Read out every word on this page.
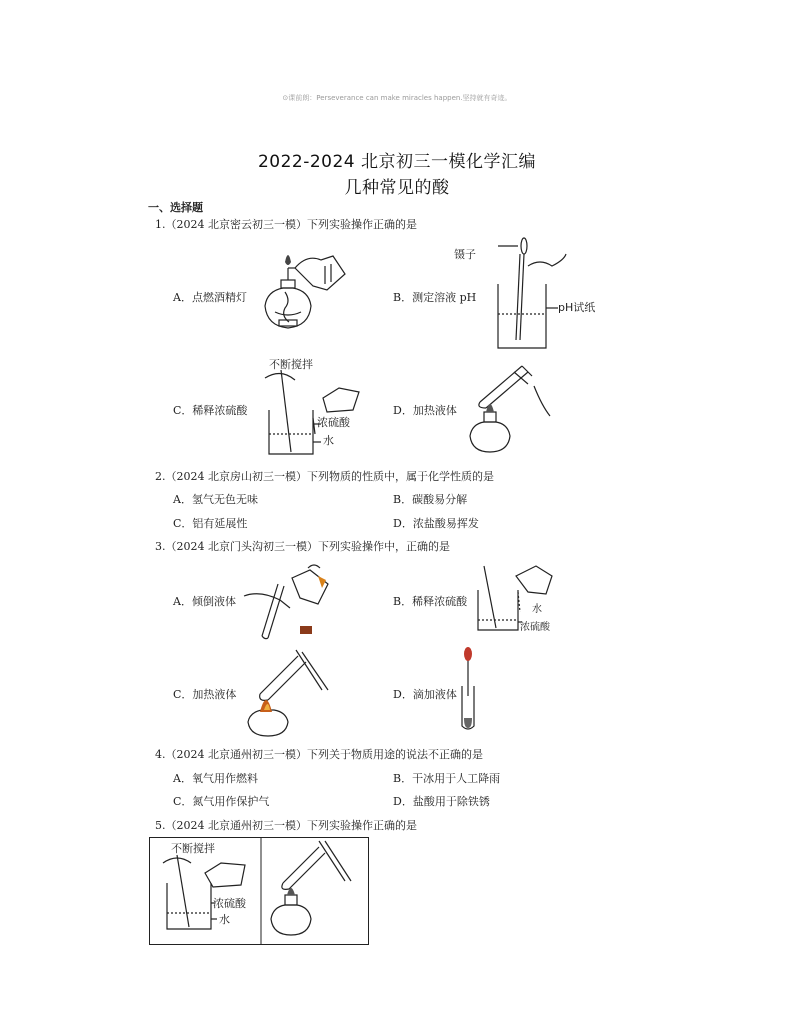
⊙课前朗：Perseverance can make miracles happen.坚持就有奇迹。
2022-2024 北京初三一模化学汇编
几种常见的酸
一、选择题
1.（2024 北京密云初三一模）下列实验操作正确的是
A．点燃酒精灯	B．测定溶液 pH
C．稀释浓硫酸	D．加热液体
镊子
pH试纸
不断搅拌
浓硫酸
水
2.（2024 北京房山初三一模）下列物质的性质中，属于化学性质的是
A．氢气无色无味	B．碳酸易分解
C．铝有延展性	D．浓盐酸易挥发
3.（2024 北京门头沟初三一模）下列实验操作中，正确的是
A．倾倒液体	B．稀释浓硫酸
C．加热液体	D．滴加液体
水
浓硫酸
4.（2024 北京通州初三一模）下列关于物质用途的说法不正确的是
A．氧气用作燃料	B．干冰用于人工降雨
C．氮气用作保护气	D．盐酸用于除铁锈
5.（2024 北京通州初三一模）下列实验操作正确的是
不断搅拌
浓硫酸
水
